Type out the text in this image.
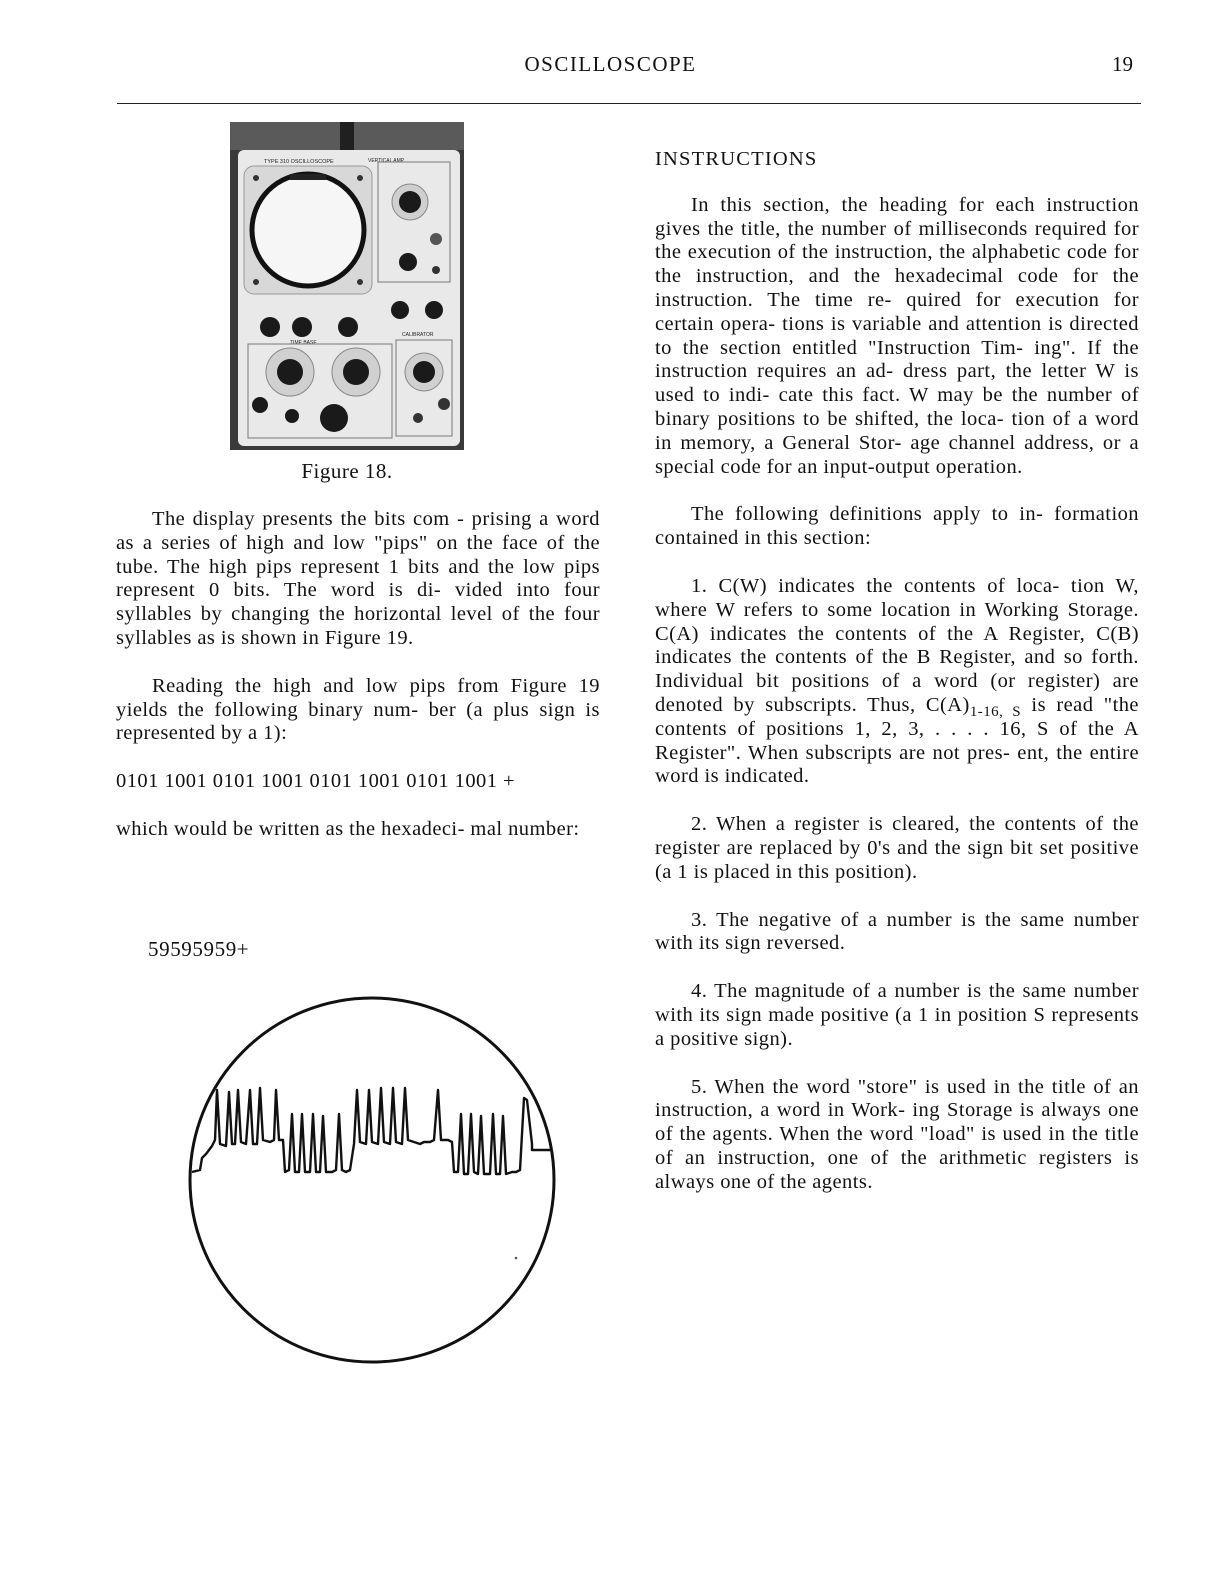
OSCILLOSCOPE	19
TYPE 310 OSCILLOSCOPE	VERTICAL AMP
TIME BASE
CALIBRATOR
Figure 18.

The display presents the bits com - prising a word as a series of high and low "pips" on the face of the tube. The high pips represent 1 bits and the low pips represent 0 bits. The word is di- vided into four syllables by changing the horizontal level of the four syllables as is shown in Figure 19.

Reading the high and low pips from Figure 19 yields the following binary num- ber (a plus sign is represented by a 1):

0101 1001 0101 1001 0101 1001 0101 1001 +

which would be written as the hexadeci- mal number:

59595959+

INSTRUCTIONS

In this section, the heading for each instruction gives the title, the number of milliseconds required for the execution of the instruction, the alphabetic code for the instruction, and the hexadecimal code for the instruction. The time re- quired for execution for certain opera- tions is variable and attention is directed to the section entitled "Instruction Tim- ing". If the instruction requires an ad- dress part, the letter W is used to indi- cate this fact. W may be the number of binary positions to be shifted, the loca- tion of a word in memory, a General Stor- age channel address, or a special code for an input-output operation.

The following definitions apply to in- formation contained in this section:

1. C(W) indicates the contents of loca- tion W, where W refers to some location in Working Storage. C(A) indicates the contents of the A Register, C(B) indicates the contents of the B Register, and so forth. Individual bit positions of a word (or register) are denoted by subscripts. Thus, $C(A)_{1-16, S}$ is read "the contents of positions 1, 2, 3, . . . . 16, S of the A Register". When subscripts are not pres- ent, the entire word is indicated.

2. When a register is cleared, the contents of the register are replaced by 0's and the sign bit set positive (a 1 is placed in this position).

3. The negative of a number is the same number with its sign reversed.

4. The magnitude of a number is the same number with its sign made positive (a 1 in position S represents a positive sign).

5. When the word "store" is used in the title of an instruction, a word in Work- ing Storage is always one of the agents. When the word "load" is used in the title of an instruction, one of the arithmetic registers is always one of the agents.
